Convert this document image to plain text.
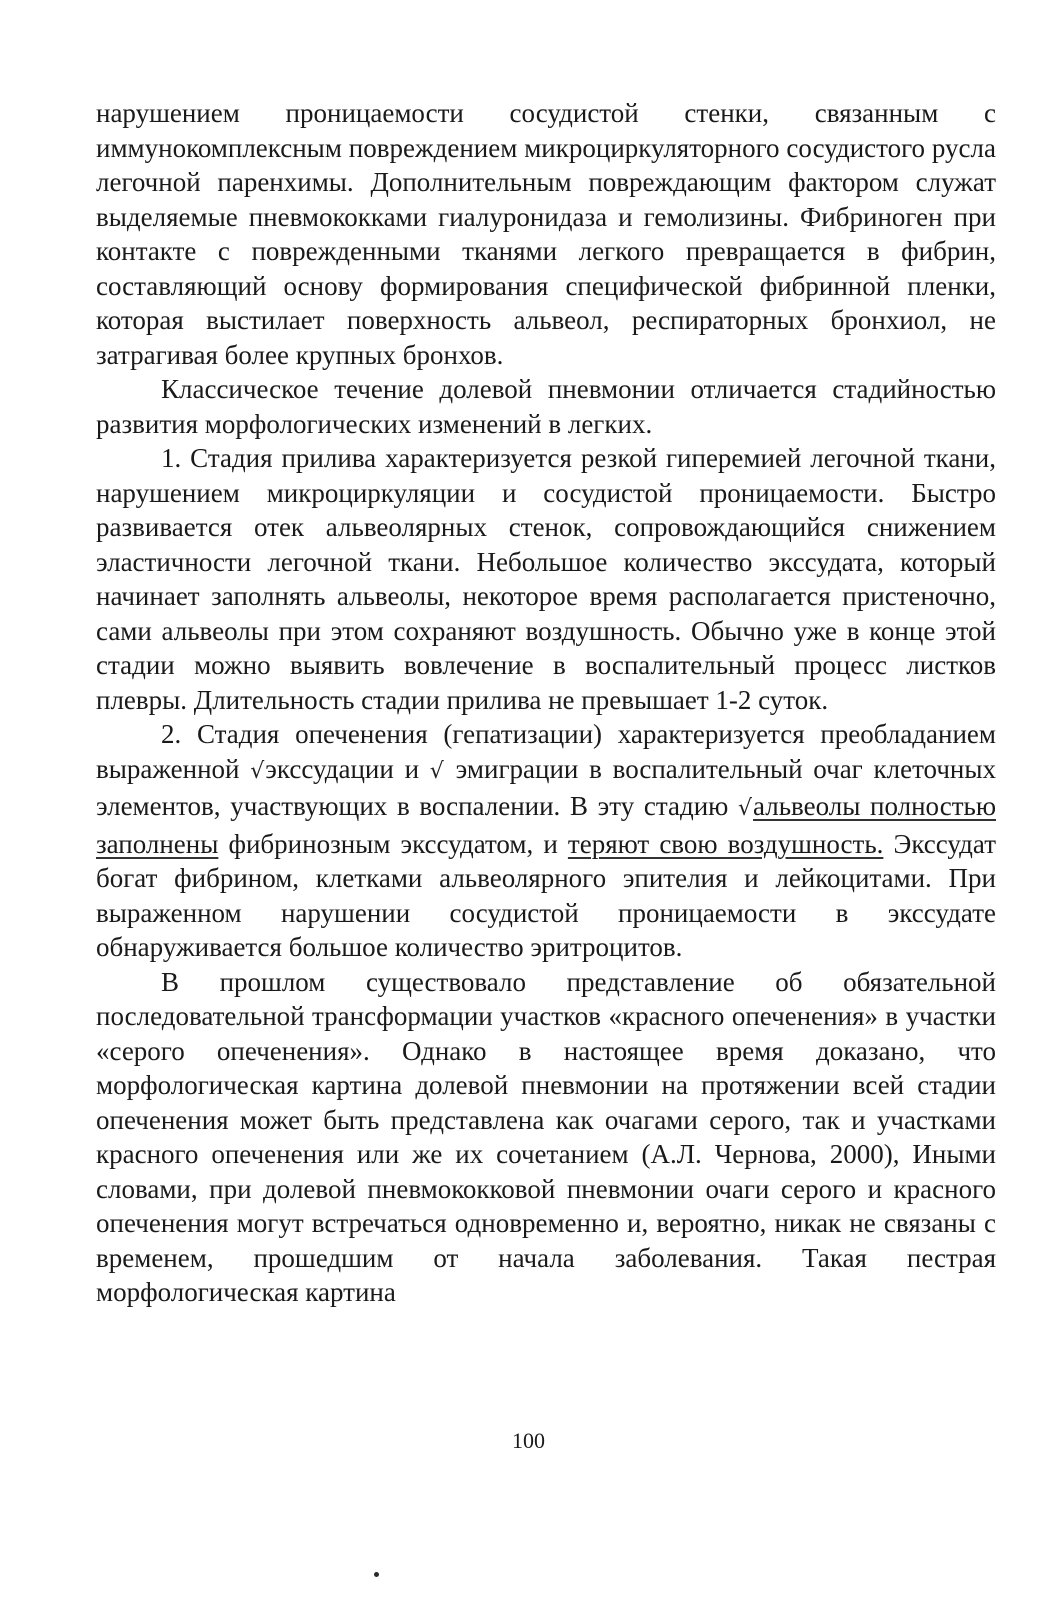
нарушением проницаемости сосудистой стенки, связанным с иммунокомплексным повреждением микроциркуляторного сосудистого русла легочной паренхимы. Дополнительным повреждающим фактором служат выделяемые пневмококками гиалуронидаза и гемолизины. Фибриноген при контакте с поврежденными тканями легкого превращается в фибрин, составляющий основу формирования специфической фибринной пленки, которая выстилает поверхность альвеол, респираторных бронхиол, не затрагивая более крупных бронхов.

Классическое течение долевой пневмонии отличается стадийностью развития морфологических изменений в легких.

1. Стадия прилива характеризуется резкой гиперемией легочной ткани, нарушением микроциркуляции и сосудистой проницаемости. Быстро развивается отек альвеолярных стенок, сопровождающийся снижением эластичности легочной ткани. Небольшое количество экссудата, который начинает заполнять альвеолы, некоторое время располагается пристеночно, сами альвеолы при этом сохраняют воздушность. Обычно уже в конце этой стадии можно выявить вовлечение в воспалительный процесс листков плевры. Длительность стадии прилива не превышает 1-2 суток.

2. Стадия опеченения (гепатизации) характеризуется преобладанием выраженной √экссудации и √ эмиграции в воспалительный очаг клеточных элементов, участвующих в воспалении. В эту стадию √альвеолы полностью заполнены фибринозным экссудатом, и теряют свою воздушность. Экссудат богат фибрином, клетками альвеолярного эпителия и лейкоцитами. При выраженном нарушении сосудистой проницаемости в экссудате обнаруживается большое количество эритроцитов.

В прошлом существовало представление об обязательной последовательной трансформации участков «красного опеченения» в участки «серого опеченения». Однако в настоящее время доказано, что морфологическая картина долевой пневмонии на протяжении всей стадии опеченения может быть представлена как очагами серого, так и участками красного опеченения или же их сочетанием (А.Л. Чернова, 2000), Иными словами, при долевой пневмококковой пневмонии очаги серого и красного опеченения могут встречаться одновременно и, вероятно, никак не связаны с временем, прошедшим от начала заболевания. Такая пестрая морфологическая картина

100
